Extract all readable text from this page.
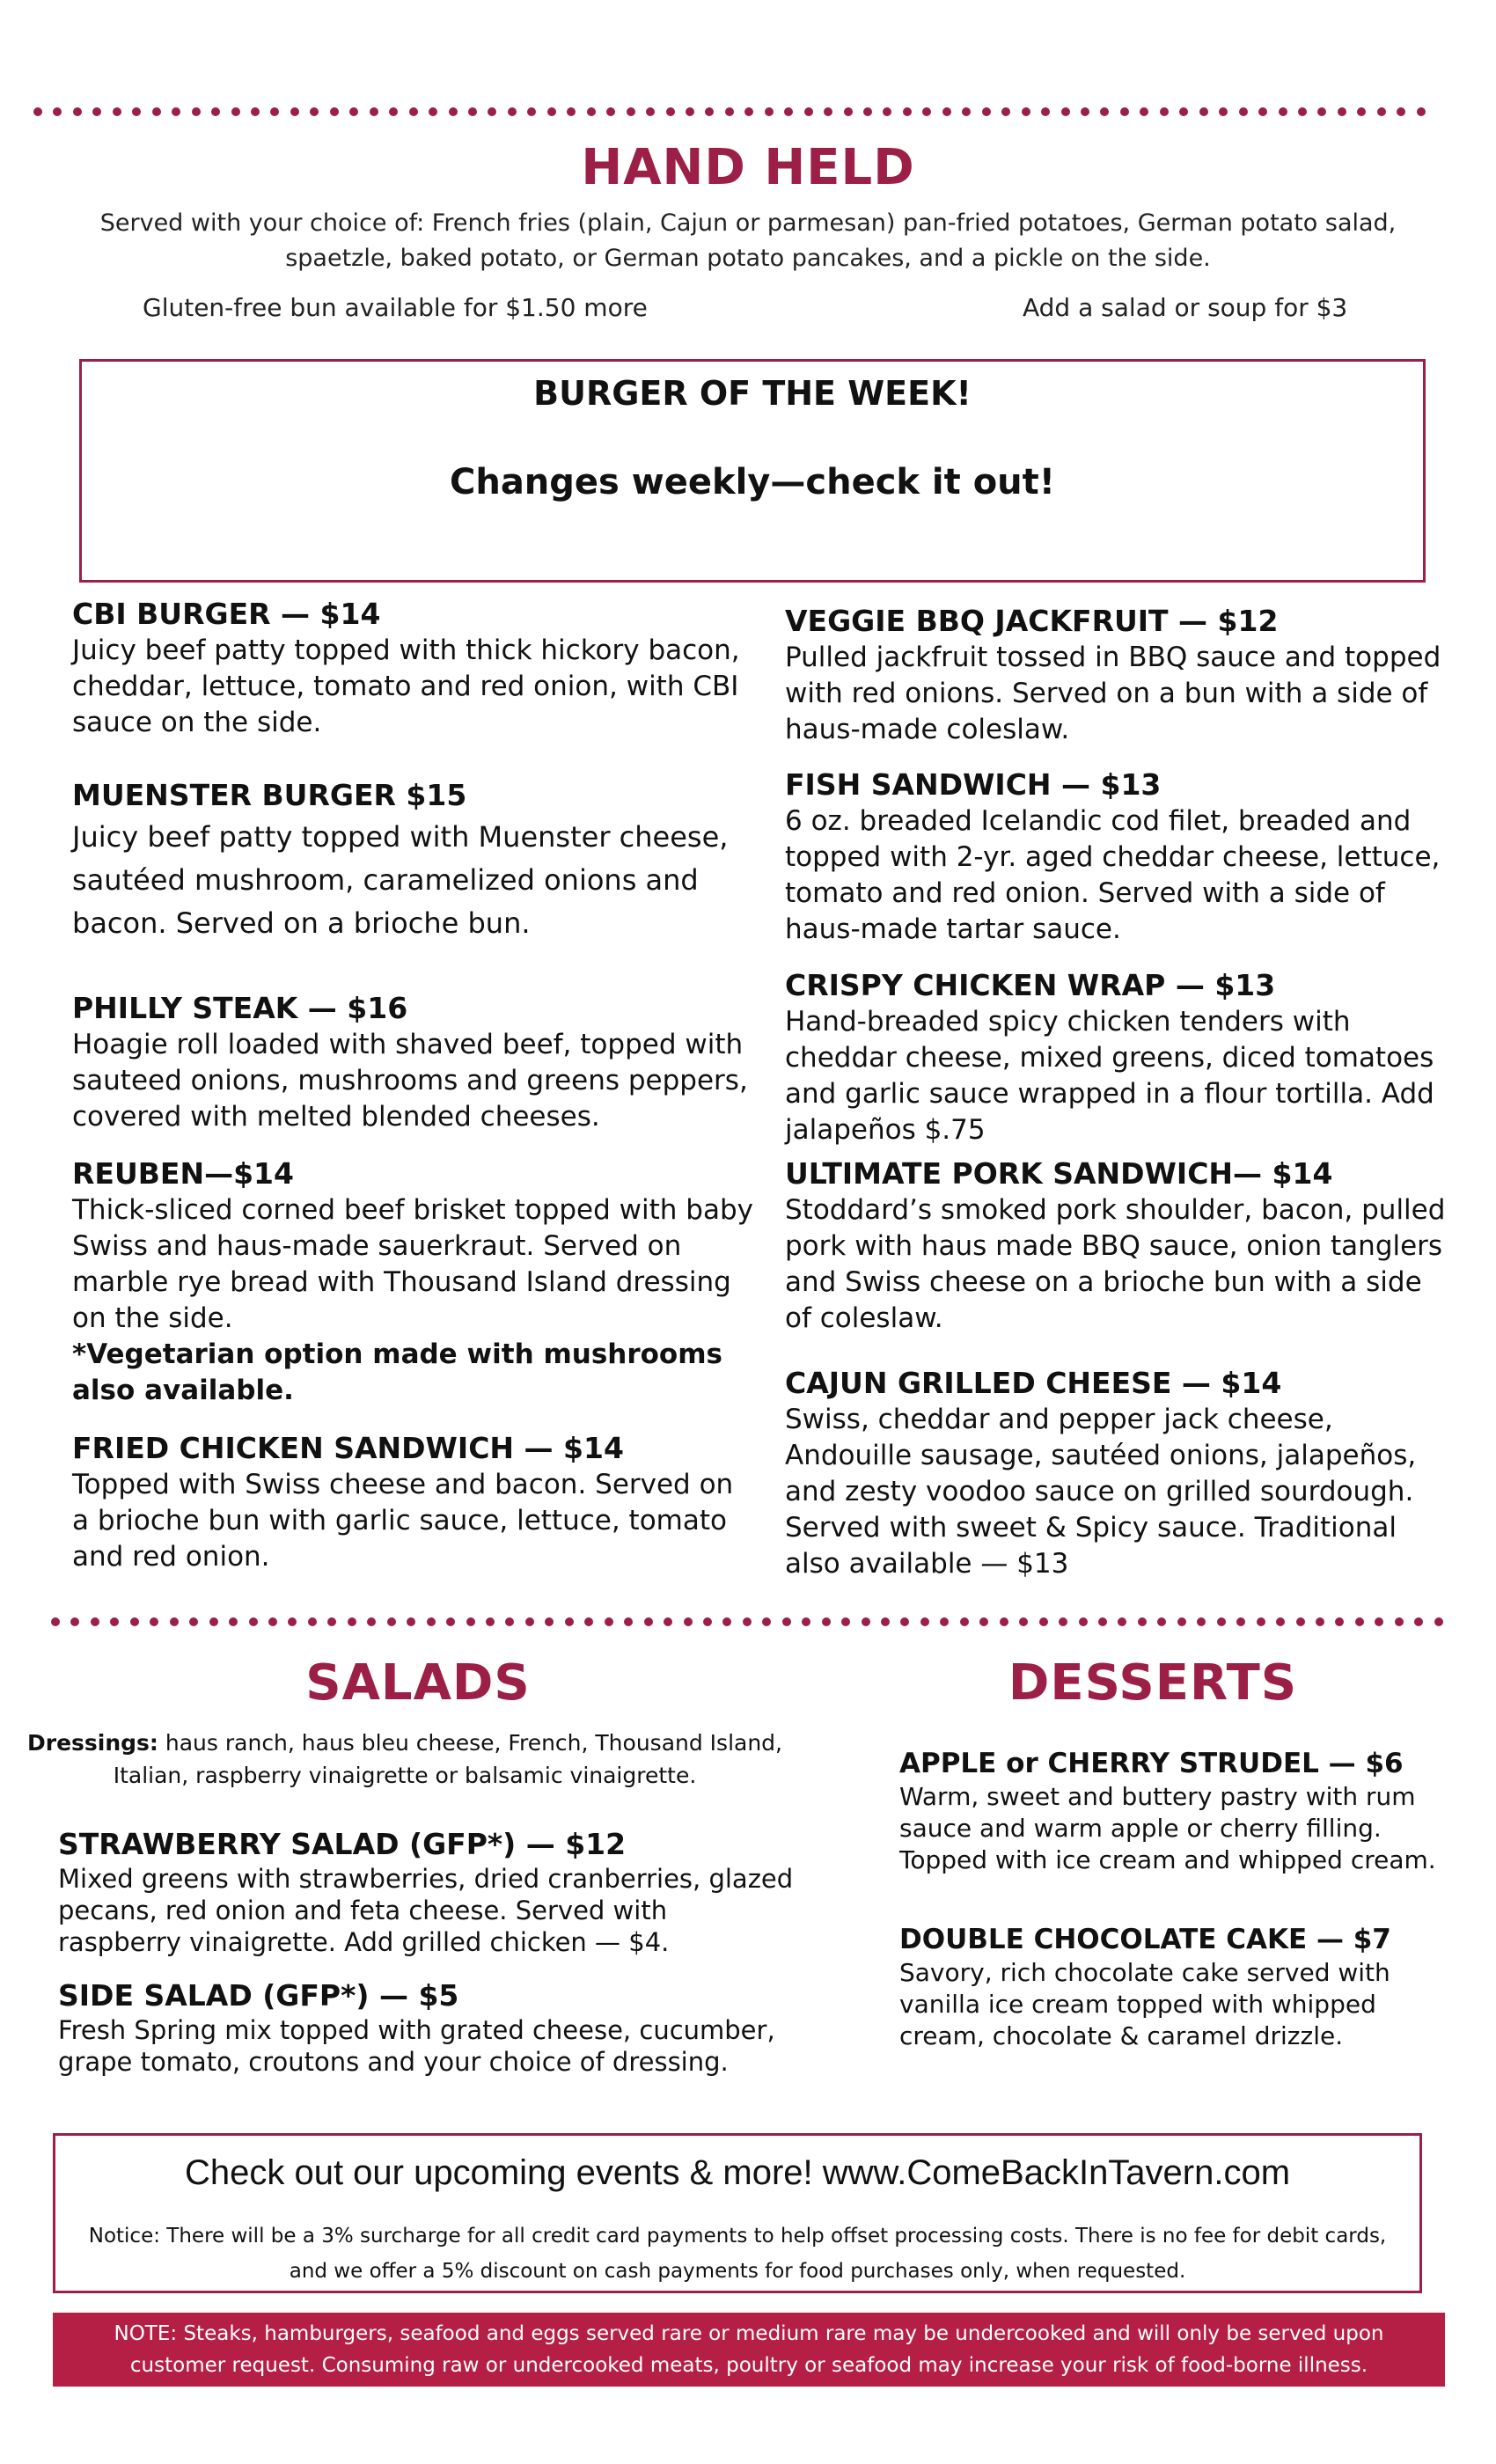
HAND HELD
Served with your choice of: French fries (plain, Cajun or parmesan) pan-fried potatoes, German potato salad, spaetzle, baked potato, or German potato pancakes, and a pickle on the side.
Gluten-free bun available for $1.50 more	Add a salad or soup for $3
BURGER OF THE WEEK!
Changes weekly—check it out!
CBI BURGER — $14
Juicy beef patty topped with thick hickory bacon, cheddar, lettuce, tomato and red onion, with CBI sauce on the side.
MUENSTER BURGER $15
Juicy beef patty topped with Muenster cheese, sautéed mushroom, caramelized onions and bacon. Served on a brioche bun.
PHILLY STEAK — $16
Hoagie roll loaded with shaved beef, topped with sauteed onions, mushrooms and greens peppers, covered with melted blended cheeses.
REUBEN—$14
Thick-sliced corned beef brisket topped with baby Swiss and haus-made sauerkraut. Served on marble rye bread with Thousand Island dressing on the side.
*Vegetarian option made with mushrooms also available.
FRIED CHICKEN SANDWICH — $14
Topped with Swiss cheese and bacon. Served on a brioche bun with garlic sauce, lettuce, tomato and red onion.
VEGGIE BBQ JACKFRUIT — $12
Pulled jackfruit tossed in BBQ sauce and topped with red onions. Served on a bun with a side of haus-made coleslaw.
FISH SANDWICH — $13
6 oz. breaded Icelandic cod filet, breaded and topped with 2-yr. aged cheddar cheese, lettuce, tomato and red onion. Served with a side of haus-made tartar sauce.
CRISPY CHICKEN WRAP — $13
Hand-breaded spicy chicken tenders with cheddar cheese, mixed greens, diced tomatoes and garlic sauce wrapped in a flour tortilla. Add jalapeños $.75
ULTIMATE PORK SANDWICH— $14
Stoddard’s smoked pork shoulder, bacon, pulled pork with haus made BBQ sauce, onion tanglers and Swiss cheese on a brioche bun with a side of coleslaw.
CAJUN GRILLED CHEESE — $14
Swiss, cheddar and pepper jack cheese, Andouille sausage, sautéed onions, jalapeños, and zesty voodoo sauce on grilled sourdough. Served with sweet & Spicy sauce. Traditional also available — $13
SALADS
Dressings: haus ranch, haus bleu cheese, French, Thousand Island, Italian, raspberry vinaigrette or balsamic vinaigrette.
STRAWBERRY SALAD (GFP*) — $12
Mixed greens with strawberries, dried cranberries, glazed pecans, red onion and feta cheese. Served with raspberry vinaigrette. Add grilled chicken — $4.
SIDE SALAD (GFP*) — $5
Fresh Spring mix topped with grated cheese, cucumber, grape tomato, croutons and your choice of dressing.
DESSERTS
APPLE or CHERRY STRUDEL — $6
Warm, sweet and buttery pastry with rum sauce and warm apple or cherry filling. Topped with ice cream and whipped cream.
DOUBLE CHOCOLATE CAKE — $7
Savory, rich chocolate cake served with vanilla ice cream topped with whipped cream, chocolate & caramel drizzle.
Check out our upcoming events & more! www.ComeBackInTavern.com
Notice: There will be a 3% surcharge for all credit card payments to help offset processing costs. There is no fee for debit cards, and we offer a 5% discount on cash payments for food purchases only, when requested.
NOTE: Steaks, hamburgers, seafood and eggs served rare or medium rare may be undercooked and will only be served upon customer request. Consuming raw or undercooked meats, poultry or seafood may increase your risk of food-borne illness.
